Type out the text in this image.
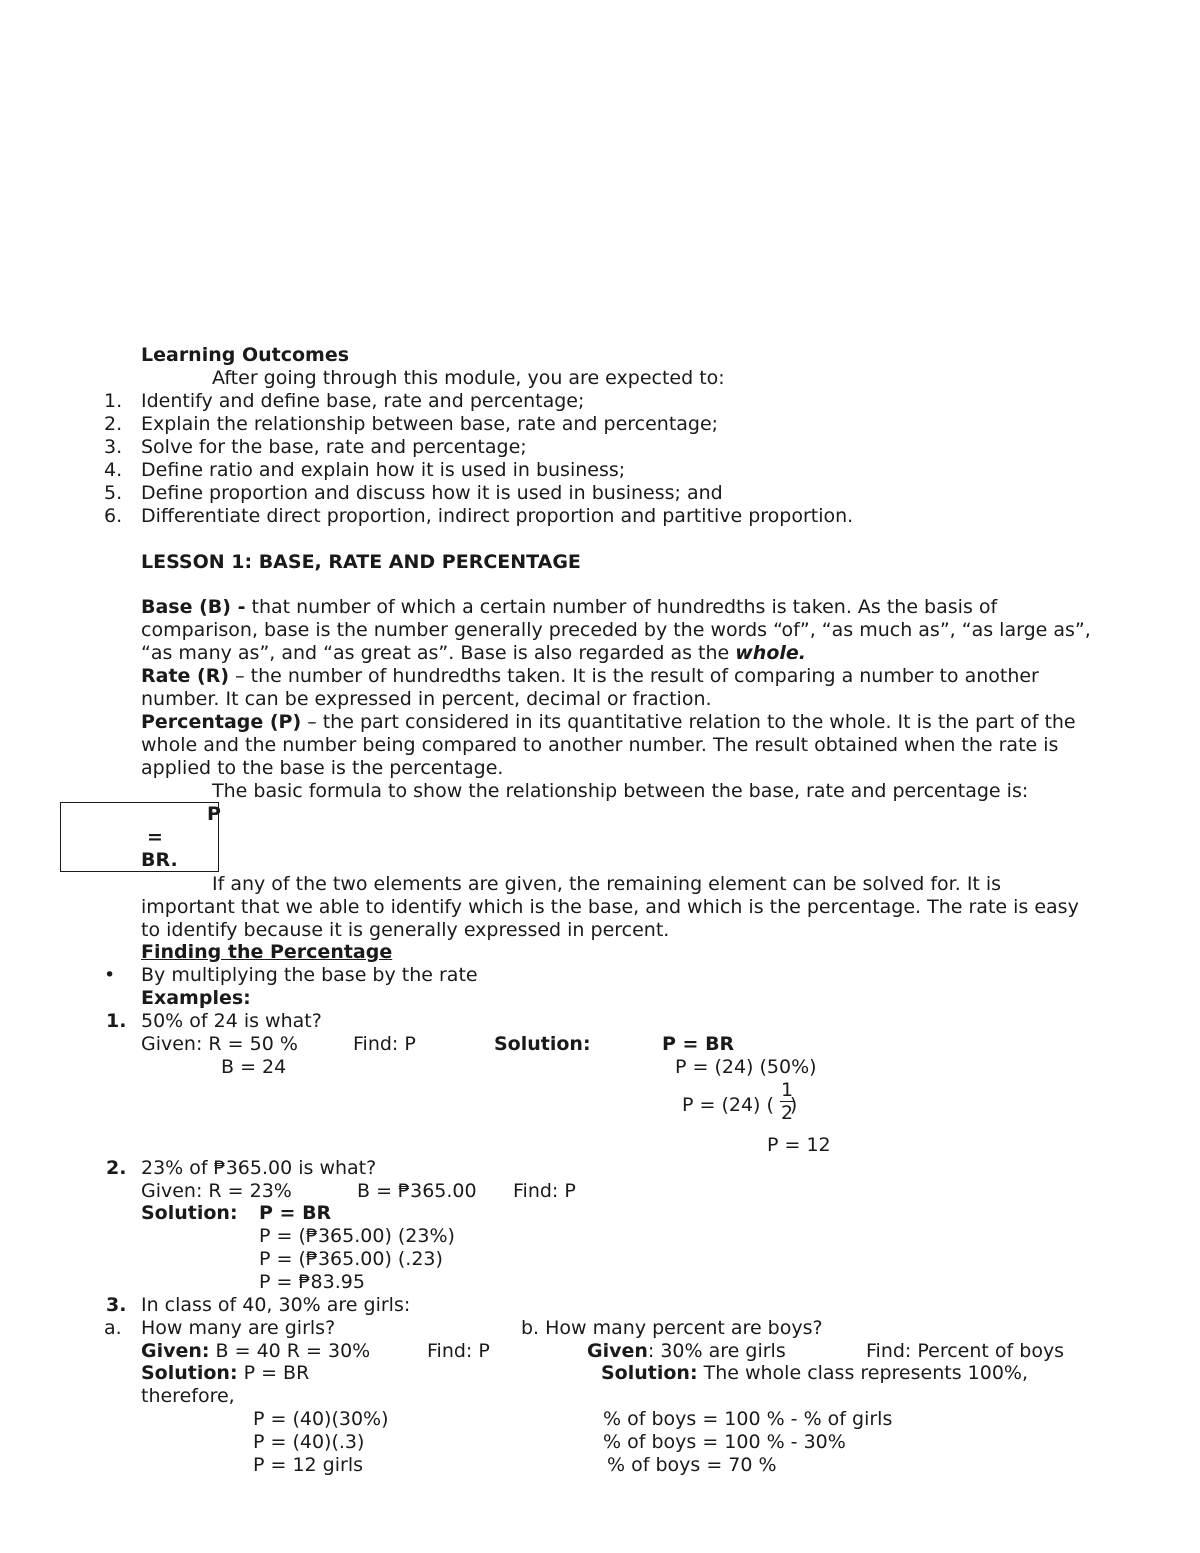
Learning Outcomes
After going through this module, you are expected to:
1. Identify and define base, rate and percentage;
2. Explain the relationship between base, rate and percentage;
3. Solve for the base, rate and percentage;
4. Define ratio and explain how it is used in business;
5. Define proportion and discuss how it is used in business; and
6. Differentiate direct proportion, indirect proportion and partitive proportion.
LESSON 1: BASE, RATE AND PERCENTAGE
Base (B) - that number of which a certain number of hundredths is taken. As the basis of
comparison, base is the number generally preceded by the words “of”, “as much as”, “as large as”,
“as many as”, and “as great as”. Base is also regarded as the whole.
Rate (R) – the number of hundredths taken. It is the result of comparing a number to another
number. It can be expressed in percent, decimal or fraction.
Percentage (P) – the part considered in its quantitative relation to the whole. It is the part of the
whole and the number being compared to another number. The result obtained when the rate is
applied to the base is the percentage.
The basic formula to show the relationship between the base, rate and percentage is:
P
=
BR.
If any of the two elements are given, the remaining element can be solved for. It is
important that we able to identify which is the base, and which is the percentage. The rate is easy
to identify because it is generally expressed in percent.
Finding the Percentage
• By multiplying the base by the rate
Examples:
1. 50% of 24 is what?
Given: R = 50 %	Find: P	Solution:	P = BR
B = 24	P = (24) (50%)
P = (24) ( )
1
2
P = 12
2. 23% of ₱365.00 is what?
Given: R = 23%	B = ₱365.00 Find: P
Solution: P = BR
P = (₱365.00) (23%)
P = (₱365.00) (.23)
P = ₱83.95
3. In class of 40, 30% are girls:
a. How many are girls?	b. How many percent are boys?
Given: B = 40 R = 30%	Find: P	Given: 30% are girls	Find: Percent of boys
Solution: P = BR	Solution: The whole class represents 100%,
therefore,
P = (40)(30%)	% of boys = 100 % - % of girls
P = (40)(.3)	% of boys = 100 % - 30%
P = 12 girls	% of boys = 70 %
